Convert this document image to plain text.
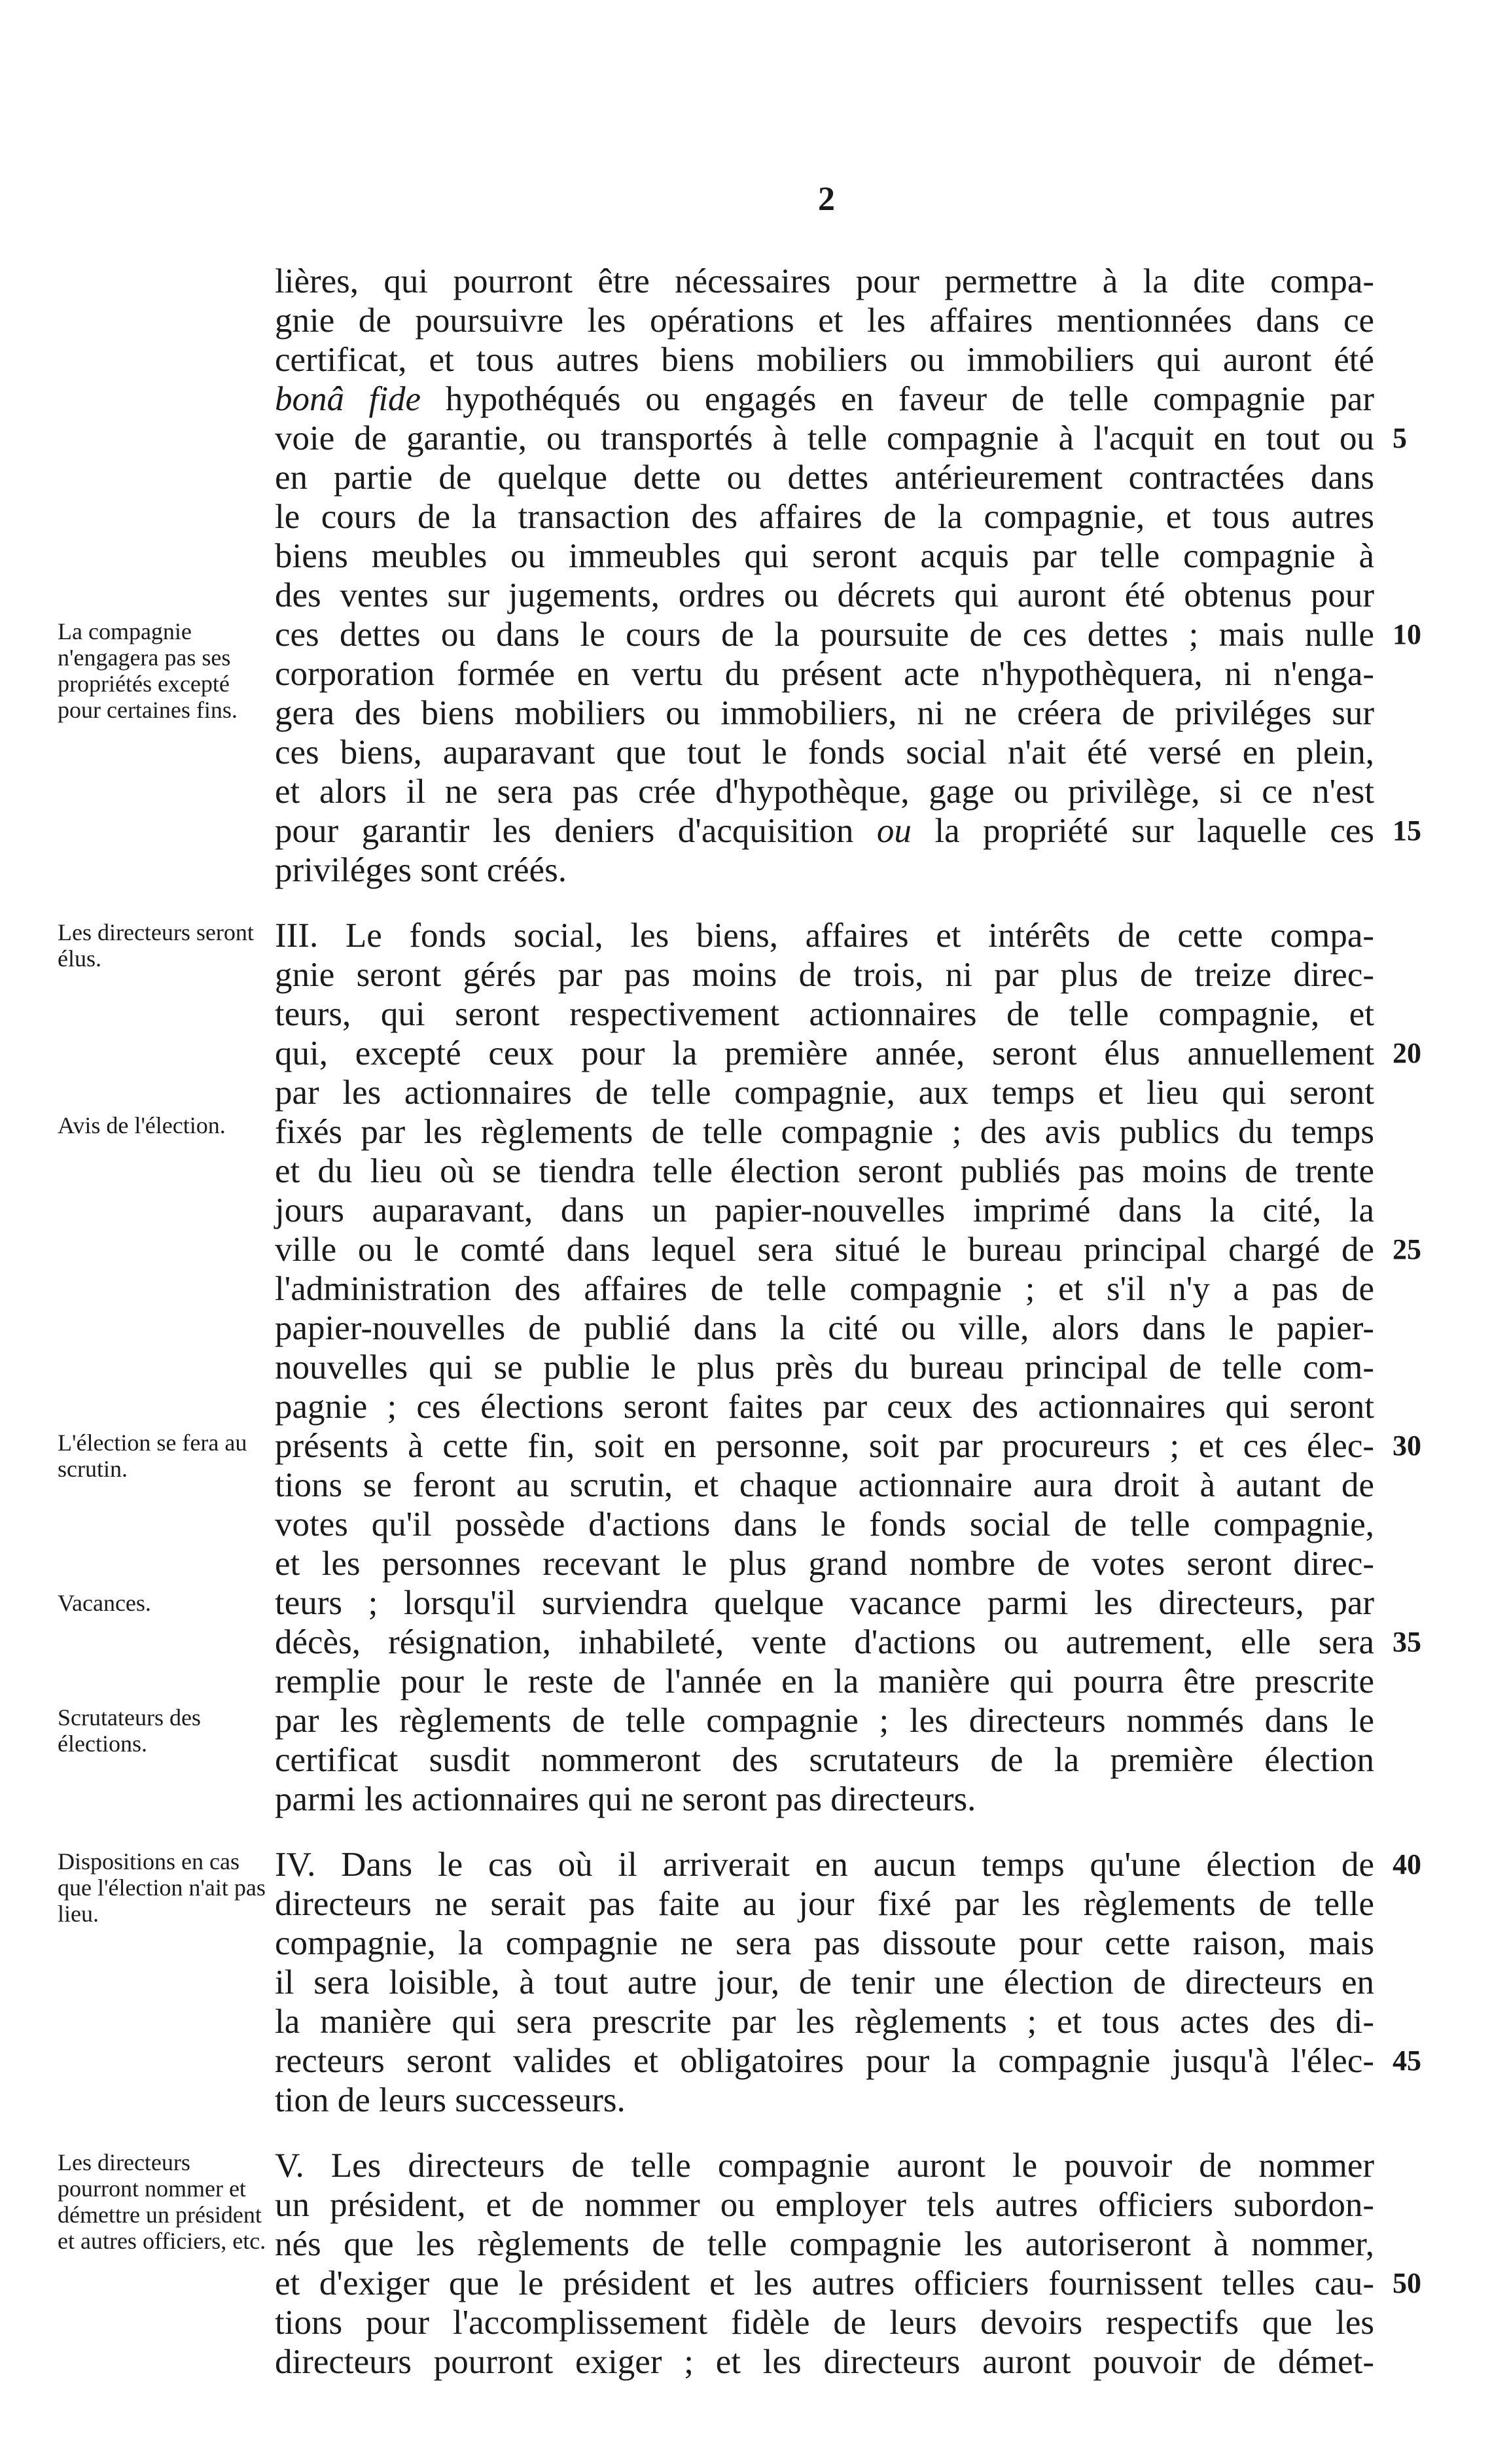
2
lières, qui pourront être nécessaires pour permettre à la dite compa-
gnie de poursuivre les opérations et les affaires mentionnées dans ce
certificat, et tous autres biens mobiliers ou immobiliers qui auront été
bonâ fide hypothéqués ou engagés en faveur de telle compagnie par
voie de garantie, ou transportés à telle compagnie à l'acquit en tout ou
en partie de quelque dette ou dettes antérieurement contractées dans
le cours de la transaction des affaires de la compagnie, et tous autres
biens meubles ou immeubles qui seront acquis par telle compagnie à
des ventes sur jugements, ordres ou décrets qui auront été obtenus pour
ces dettes ou dans le cours de la poursuite de ces dettes ; mais nulle
corporation formée en vertu du présent acte n'hypothèquera, ni n'enga-
gera des biens mobiliers ou immobiliers, ni ne créera de priviléges sur
ces biens, auparavant que tout le fonds social n'ait été versé en plein,
et alors il ne sera pas crée d'hypothèque, gage ou privilège, si ce n'est
pour garantir les deniers d'acquisition ou la propriété sur laquelle ces
priviléges sont créés.
III. Le fonds social, les biens, affaires et intérêts de cette compa-
gnie seront gérés par pas moins de trois, ni par plus de treize direc-
teurs, qui seront respectivement actionnaires de telle compagnie, et
qui, excepté ceux pour la première année, seront élus annuellement
par les actionnaires de telle compagnie, aux temps et lieu qui seront
fixés par les règlements de telle compagnie ; des avis publics du temps
et du lieu où se tiendra telle élection seront publiés pas moins de trente
jours auparavant, dans un papier-nouvelles imprimé dans la cité, la
ville ou le comté dans lequel sera situé le bureau principal chargé de
l'administration des affaires de telle compagnie ; et s'il n'y a pas de
papier-nouvelles de publié dans la cité ou ville, alors dans le papier-
nouvelles qui se publie le plus près du bureau principal de telle com-
pagnie ; ces élections seront faites par ceux des actionnaires qui seront
présents à cette fin, soit en personne, soit par procureurs ; et ces élec-
tions se feront au scrutin, et chaque actionnaire aura droit à autant de
votes qu'il possède d'actions dans le fonds social de telle compagnie,
et les personnes recevant le plus grand nombre de votes seront direc-
teurs ; lorsqu'il surviendra quelque vacance parmi les directeurs, par
décès, résignation, inhabileté, vente d'actions ou autrement, elle sera
remplie pour le reste de l'année en la manière qui pourra être prescrite
par les règlements de telle compagnie ; les directeurs nommés dans le
certificat susdit nommeront des scrutateurs de la première élection
parmi les actionnaires qui ne seront pas directeurs.
IV. Dans le cas où il arriverait en aucun temps qu'une élection de
directeurs ne serait pas faite au jour fixé par les règlements de telle
compagnie, la compagnie ne sera pas dissoute pour cette raison, mais
il sera loisible, à tout autre jour, de tenir une élection de directeurs en
la manière qui sera prescrite par les règlements ; et tous actes des di-
recteurs seront valides et obligatoires pour la compagnie jusqu'à l'élec-
tion de leurs successeurs.
V. Les directeurs de telle compagnie auront le pouvoir de nommer
un président, et de nommer ou employer tels autres officiers subordon-
nés que les règlements de telle compagnie les autoriseront à nommer,
et d'exiger que le président et les autres officiers fournissent telles cau-
tions pour l'accomplissement fidèle de leurs devoirs respectifs que les
directeurs pourront exiger ; et les directeurs auront pouvoir de démet-
La compagnie n'engagera pas ses propriétés excepté pour certaines fins.
Les directeurs seront élus.
Avis de l'élection.
L'élection se fera au scrutin.
Vacances.
Scrutateurs des élections.
Dispositions en cas que l'élection n'ait pas lieu.
Les directeurs pourront nommer et démettre un président et autres officiers, etc.
5
10
15
20
25
30
35
40
45
50
